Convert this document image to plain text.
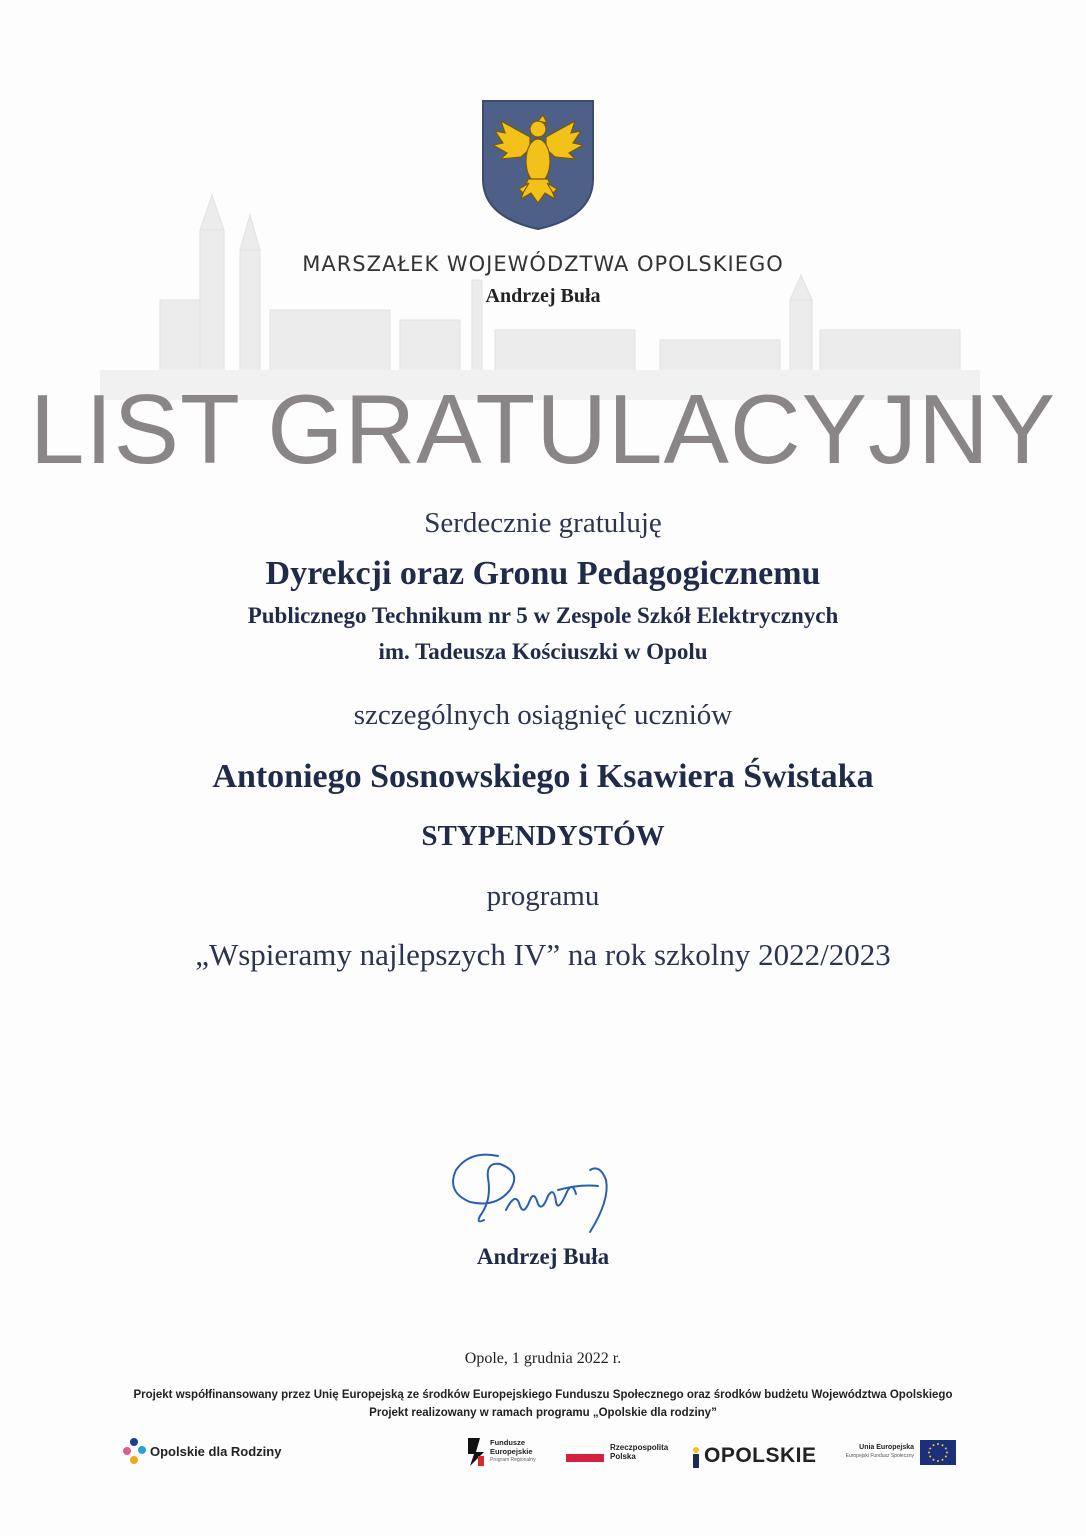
MARSZAŁEK WOJEWÓDZTWA OPOLSKIEGO
Andrzej Buła
LIST GRATULACYJNY
Serdecznie gratuluję
Dyrekcji oraz Gronu Pedagogicznemu
Publicznego Technikum nr 5 w Zespole Szkół Elektrycznych
im. Tadeusza Kościuszki w Opolu
szczególnych osiągnięć uczniów
Antoniego Sosnowskiego i Ksawiera Świstaka
STYPENDYSTÓW
programu
„Wspieramy najlepszych IV” na rok szkolny 2022/2023
Andrzej Buła
Opole, 1 grudnia 2022 r.
Projekt współfinansowany przez Unię Europejską ze środków Europejskiego Funduszu Społecznego oraz środków budżetu Województwa Opolskiego
Projekt realizowany w ramach programu „Opolskie dla rodziny”
Opolskie dla Rodziny
Fundusze
Europejskie
Program Regionalny
Rzeczpospolita
Polska	OPOLSKIE	Unia Europejska
Europejski Fundusz Społeczny
